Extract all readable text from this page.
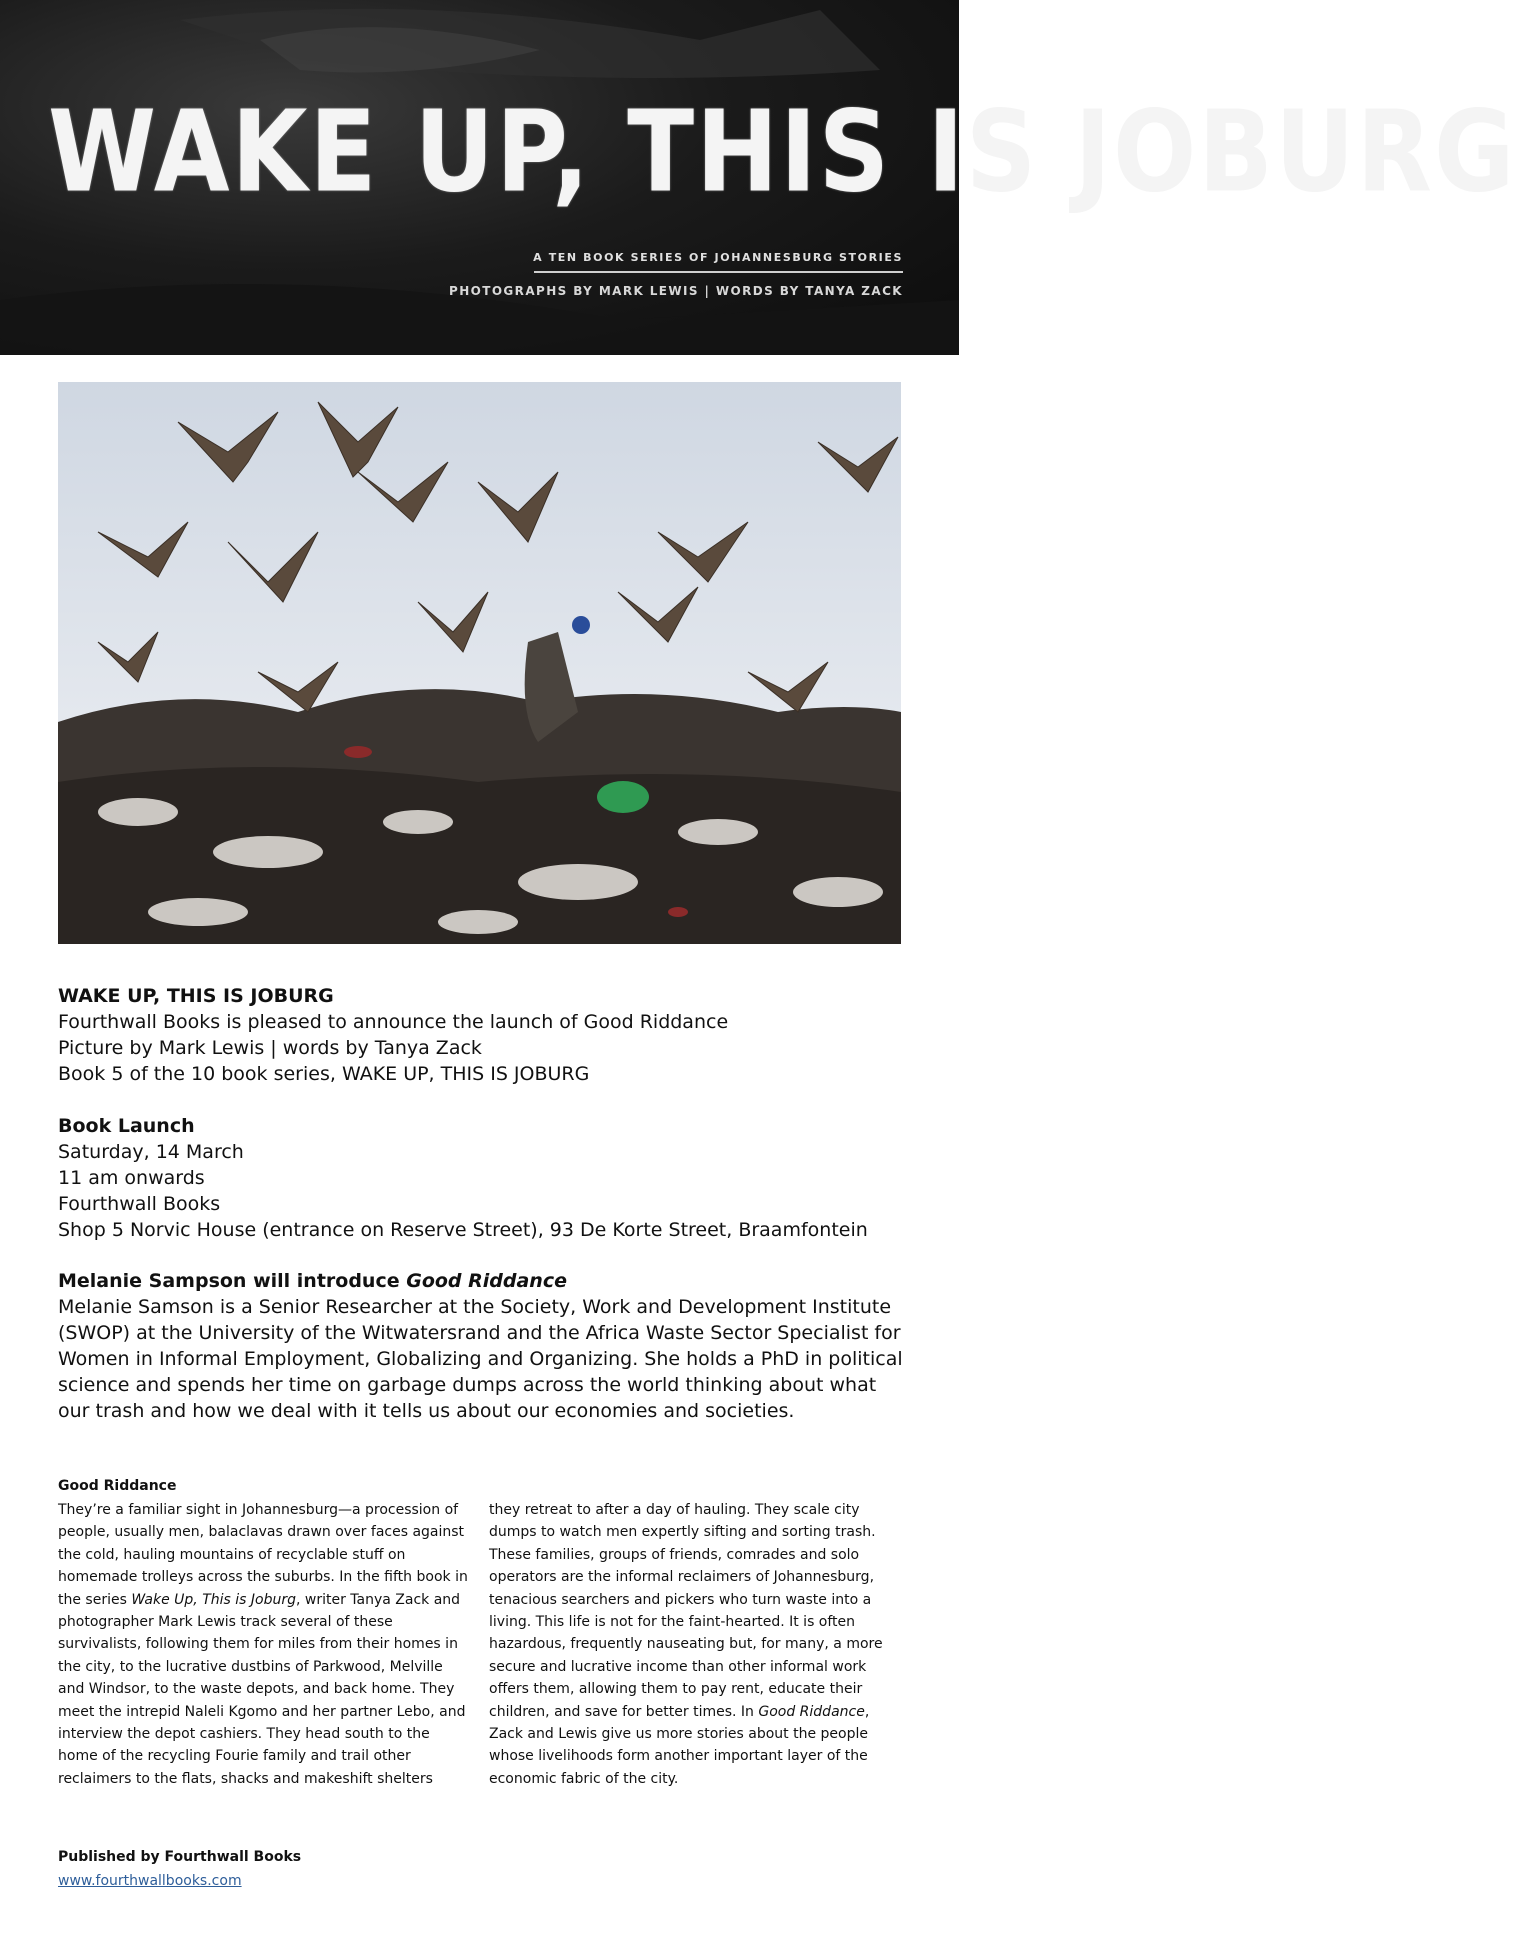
WAKE UP, THIS IS JOBURG
A TEN BOOK SERIES OF JOHANNESBURG STORIES
PHOTOGRAPHS BY MARK LEWIS | WORDS BY TANYA ZACK
WAKE UP, THIS IS JOBURG
Fourthwall Books is pleased to announce the launch of Good Riddance
Picture by Mark Lewis | words by Tanya Zack
Book 5 of the 10 book series, WAKE UP, THIS IS JOBURG
Book Launch
Saturday, 14 March
11 am onwards
Fourthwall Books
Shop 5 Norvic House (entrance on Reserve Street), 93 De Korte Street, Braamfontein
Melanie Sampson will introduce Good Riddance
Melanie Samson is a Senior Researcher at the Society, Work and Development Institute (SWOP) at the University of the Witwatersrand and the Africa Waste Sector Specialist for Women in Informal Employment, Globalizing and Organizing. She holds a PhD in political science and spends her time on garbage dumps across the world thinking about what our trash and how we deal with it tells us about our economies and societies.
Good Riddance
They’re a familiar sight in Johannesburg—a procession of people, usually men, balaclavas drawn over faces against the cold, hauling mountains of recyclable stuff on homemade trolleys across the suburbs. In the fifth book in the series Wake Up, This is Joburg, writer Tanya Zack and photographer Mark Lewis track several of these survivalists, following them for miles from their homes in the city, to the lucrative dustbins of Parkwood, Melville and Windsor, to the waste depots, and back home. They meet the intrepid Naleli Kgomo and her partner Lebo, and interview the depot cashiers. They head south to the home of the recycling Fourie family and trail other reclaimers to the flats, shacks and makeshift shelters
they retreat to after a day of hauling. They scale city dumps to watch men expertly sifting and sorting trash. These families, groups of friends, comrades and solo operators are the informal reclaimers of Johannesburg, tenacious searchers and pickers who turn waste into a living. This life is not for the faint-hearted. It is often hazardous, frequently nauseating but, for many, a more secure and lucrative income than other informal work offers them, allowing them to pay rent, educate their children, and save for better times. In Good Riddance, Zack and Lewis give us more stories about the people whose livelihoods form another important layer of the economic fabric of the city.
Published by Fourthwall Books
www.fourthwallbooks.com
